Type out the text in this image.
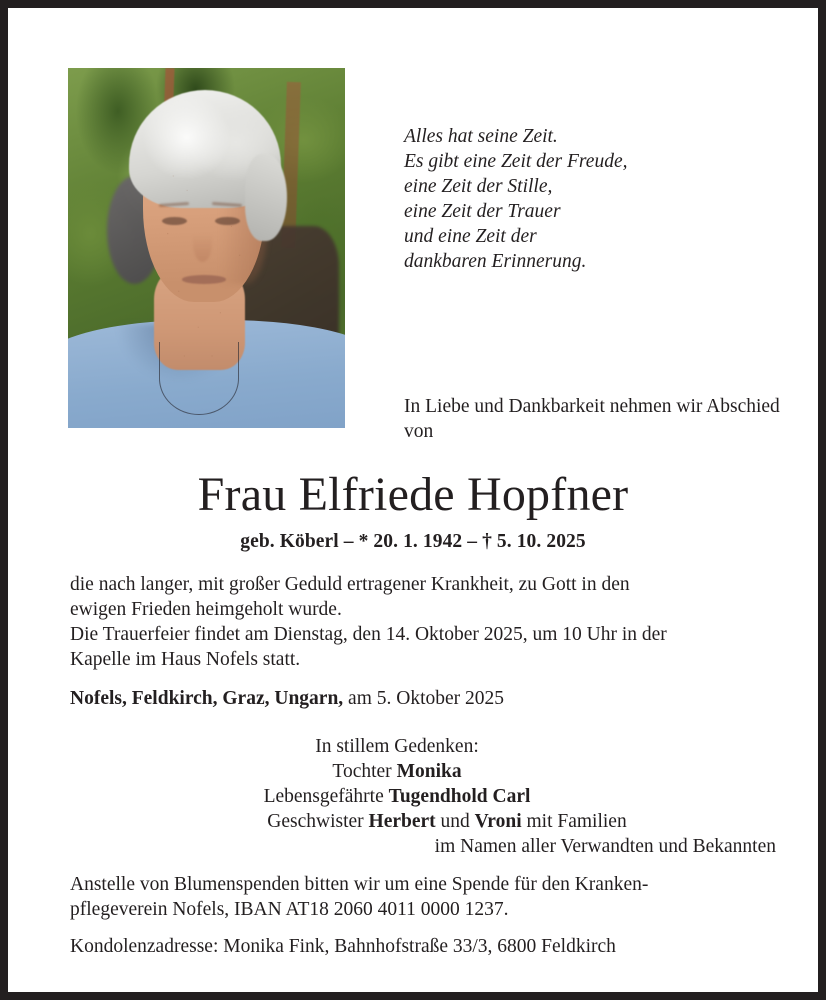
Alles hat seine Zeit.
Es gibt eine Zeit der Freude,
eine Zeit der Stille,
eine Zeit der Trauer
und eine Zeit der
dankbaren Erinnerung.
In Liebe und Dankbarkeit nehmen wir Abschied von
Frau Elfriede Hopfner
geb. Köberl – * 20. 1. 1942 – † 5. 10. 2025
die nach langer, mit großer Geduld ertragener Krankheit, zu Gott in den
ewigen Frieden heimgeholt wurde.
Die Trauerfeier findet am Dienstag, den 14. Oktober 2025, um 10 Uhr in der
Kapelle im Haus Nofels statt.
Nofels, Feldkirch, Graz, Ungarn, am 5. Oktober 2025
In stillem Gedenken:
Tochter Monika
Lebensgefährte Tugendhold Carl
Geschwister Herbert und Vroni mit Familien
im Namen aller Verwandten und Bekannten
Anstelle von Blumenspenden bitten wir um eine Spende für den Kranken-
pflegeverein Nofels, IBAN AT18 2060 4011 0000 1237.
Kondolenzadresse: Monika Fink, Bahnhofstraße 33/3, 6800 Feldkirch
